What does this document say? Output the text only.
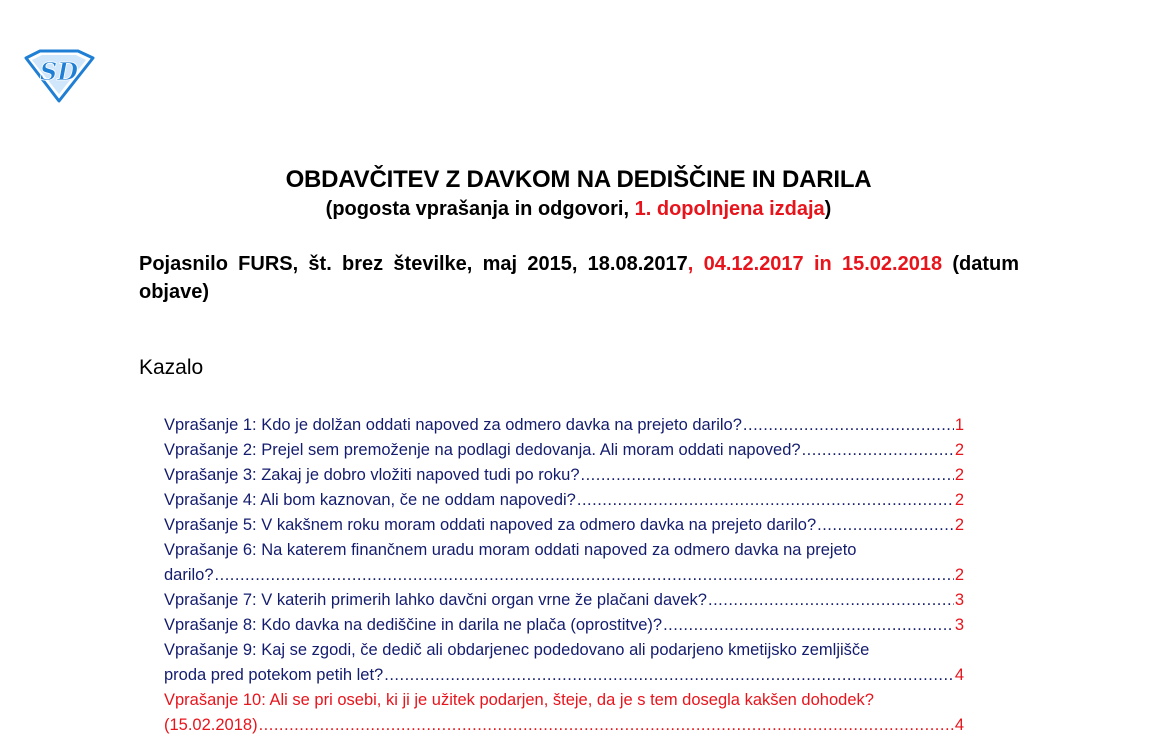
SD
OBDAVČITEV Z DAVKOM NA DEDIŠČINE IN DARILA
(pogosta vprašanja in odgovori, 1. dopolnjena izdaja)
Pojasnilo FURS, št. brez številke, maj 2015, 18.08.2017, 04.12.2017 in 15.02.2018 (datum objave)
Kazalo
Vprašanje 1: Kdo je dolžan oddati napoved za odmero davka na prejeto darilo? .....	1
Vprašanje 2: Prejel sem premoženje na podlagi dedovanja. Ali moram oddati napoved? .....	2
Vprašanje 3: Zakaj je dobro vložiti napoved tudi po roku? .....	2
Vprašanje 4: Ali bom kaznovan, če ne oddam napovedi? .....	2
Vprašanje 5: V kakšnem roku moram oddati napoved za odmero davka na prejeto darilo? .....	2
Vprašanje 6: Na katerem finančnem uradu moram oddati napoved za odmero davka na prejeto
darilo? .....	2
Vprašanje 7: V katerih primerih lahko davčni organ vrne že plačani davek? .....	3
Vprašanje 8: Kdo davka na dediščine in darila ne plača (oprostitve)? .....	3
Vprašanje 9: Kaj se zgodi, če dedič ali obdarjenec podedovano ali podarjeno kmetijsko zemljišče
proda pred potekom petih let? .....	4
Vprašanje 10: Ali se pri osebi, ki ji je užitek podarjen, šteje, da je s tem dosegla kakšen dohodek?
(15.02.2018) .....	4
